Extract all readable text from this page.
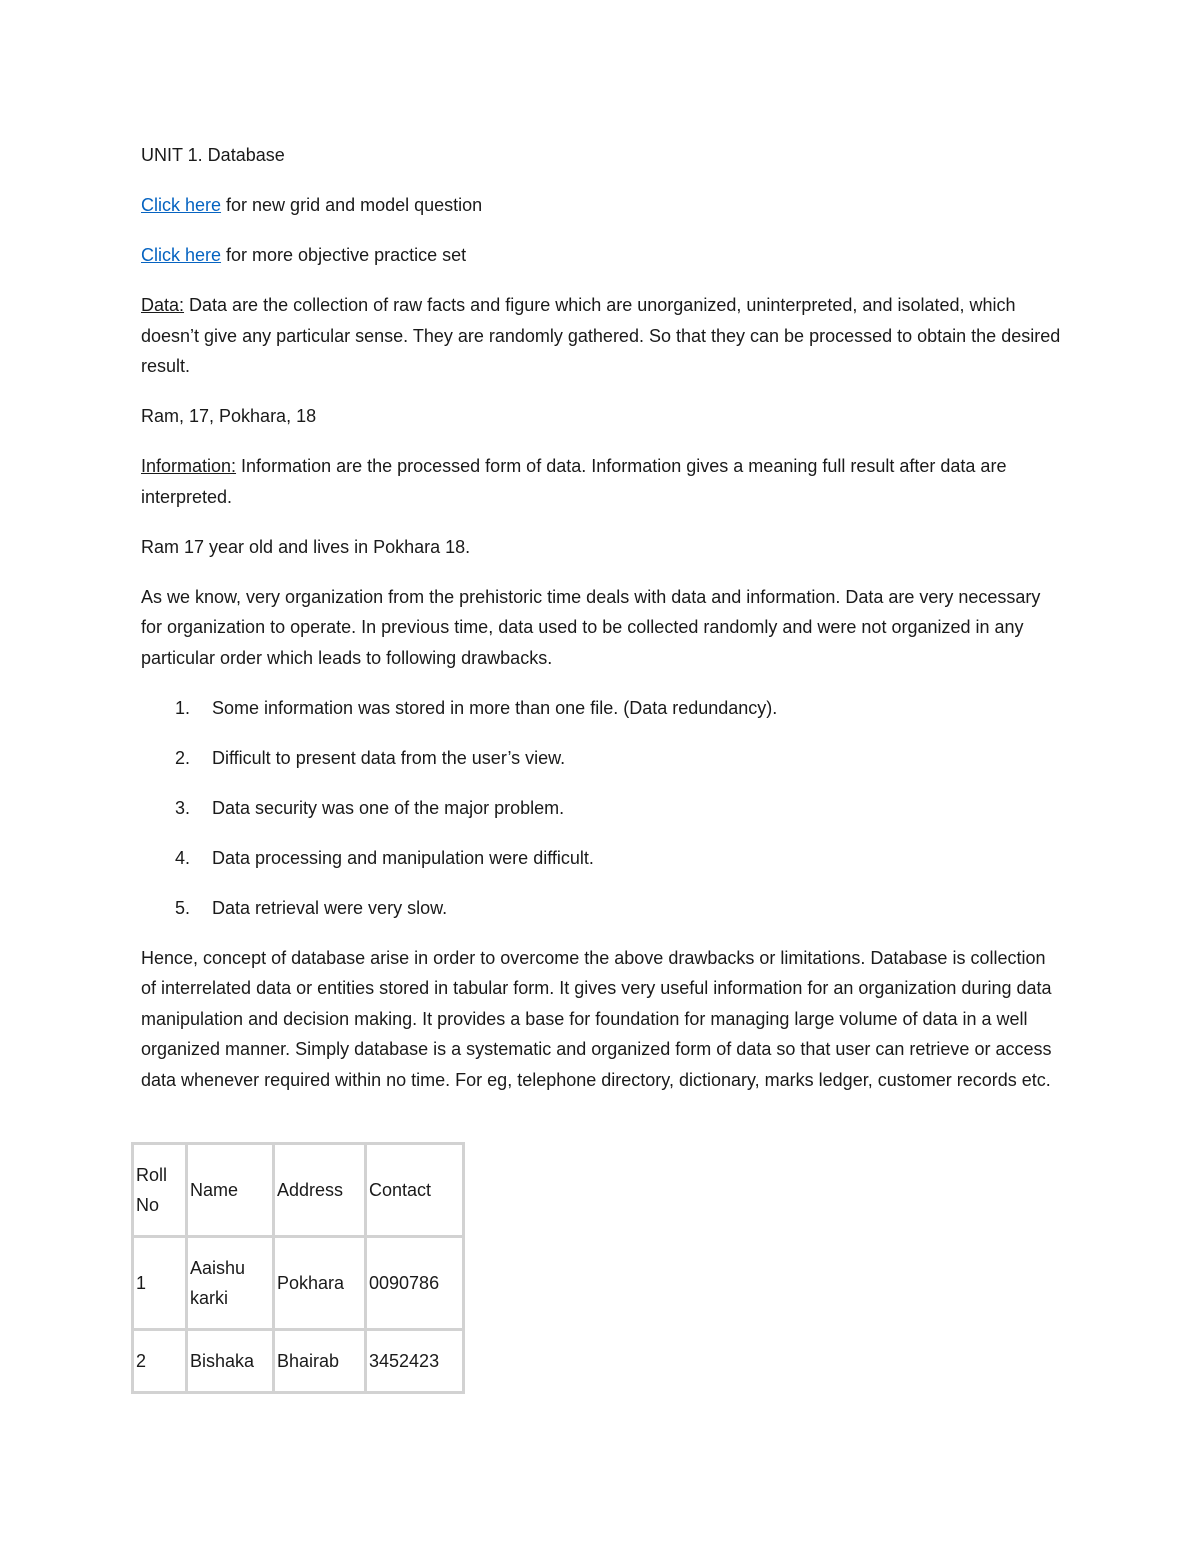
UNIT 1. Database

Click here for new grid and model question

Click here for more objective practice set

Data: Data are the collection of raw facts and figure which are unorganized, uninterpreted, and isolated, which doesn’t give any particular sense. They are randomly gathered. So that they can be processed to obtain the desired result.

Ram, 17, Pokhara, 18

Information: Information are the processed form of data. Information gives a meaning full result after data are interpreted.

Ram 17 year old and lives in Pokhara 18.

As we know, very organization from the prehistoric time deals with data and information. Data are very necessary for organization to operate. In previous time, data used to be collected randomly and were not organized in any particular order which leads to following drawbacks.

1. Some information was stored in more than one file. (Data redundancy).
2. Difficult to present data from the user’s view.
3. Data security was one of the major problem.
4. Data processing and manipulation were difficult.
5. Data retrieval were very slow.

Hence, concept of database arise in order to overcome the above drawbacks or limitations. Database is collection of interrelated data or entities stored in tabular form. It gives very useful information for an organization during data manipulation and decision making. It provides a base for foundation for managing large volume of data in a well organized manner. Simply database is a systematic and organized form of data so that user can retrieve or access data whenever required within no time. For eg, telephone directory, dictionary, marks ledger, customer records etc.

Roll No	Name	Address	Contact
1	Aaishu karki	Pokhara	0090786
2	Bishaka	Bhairab	3452423
